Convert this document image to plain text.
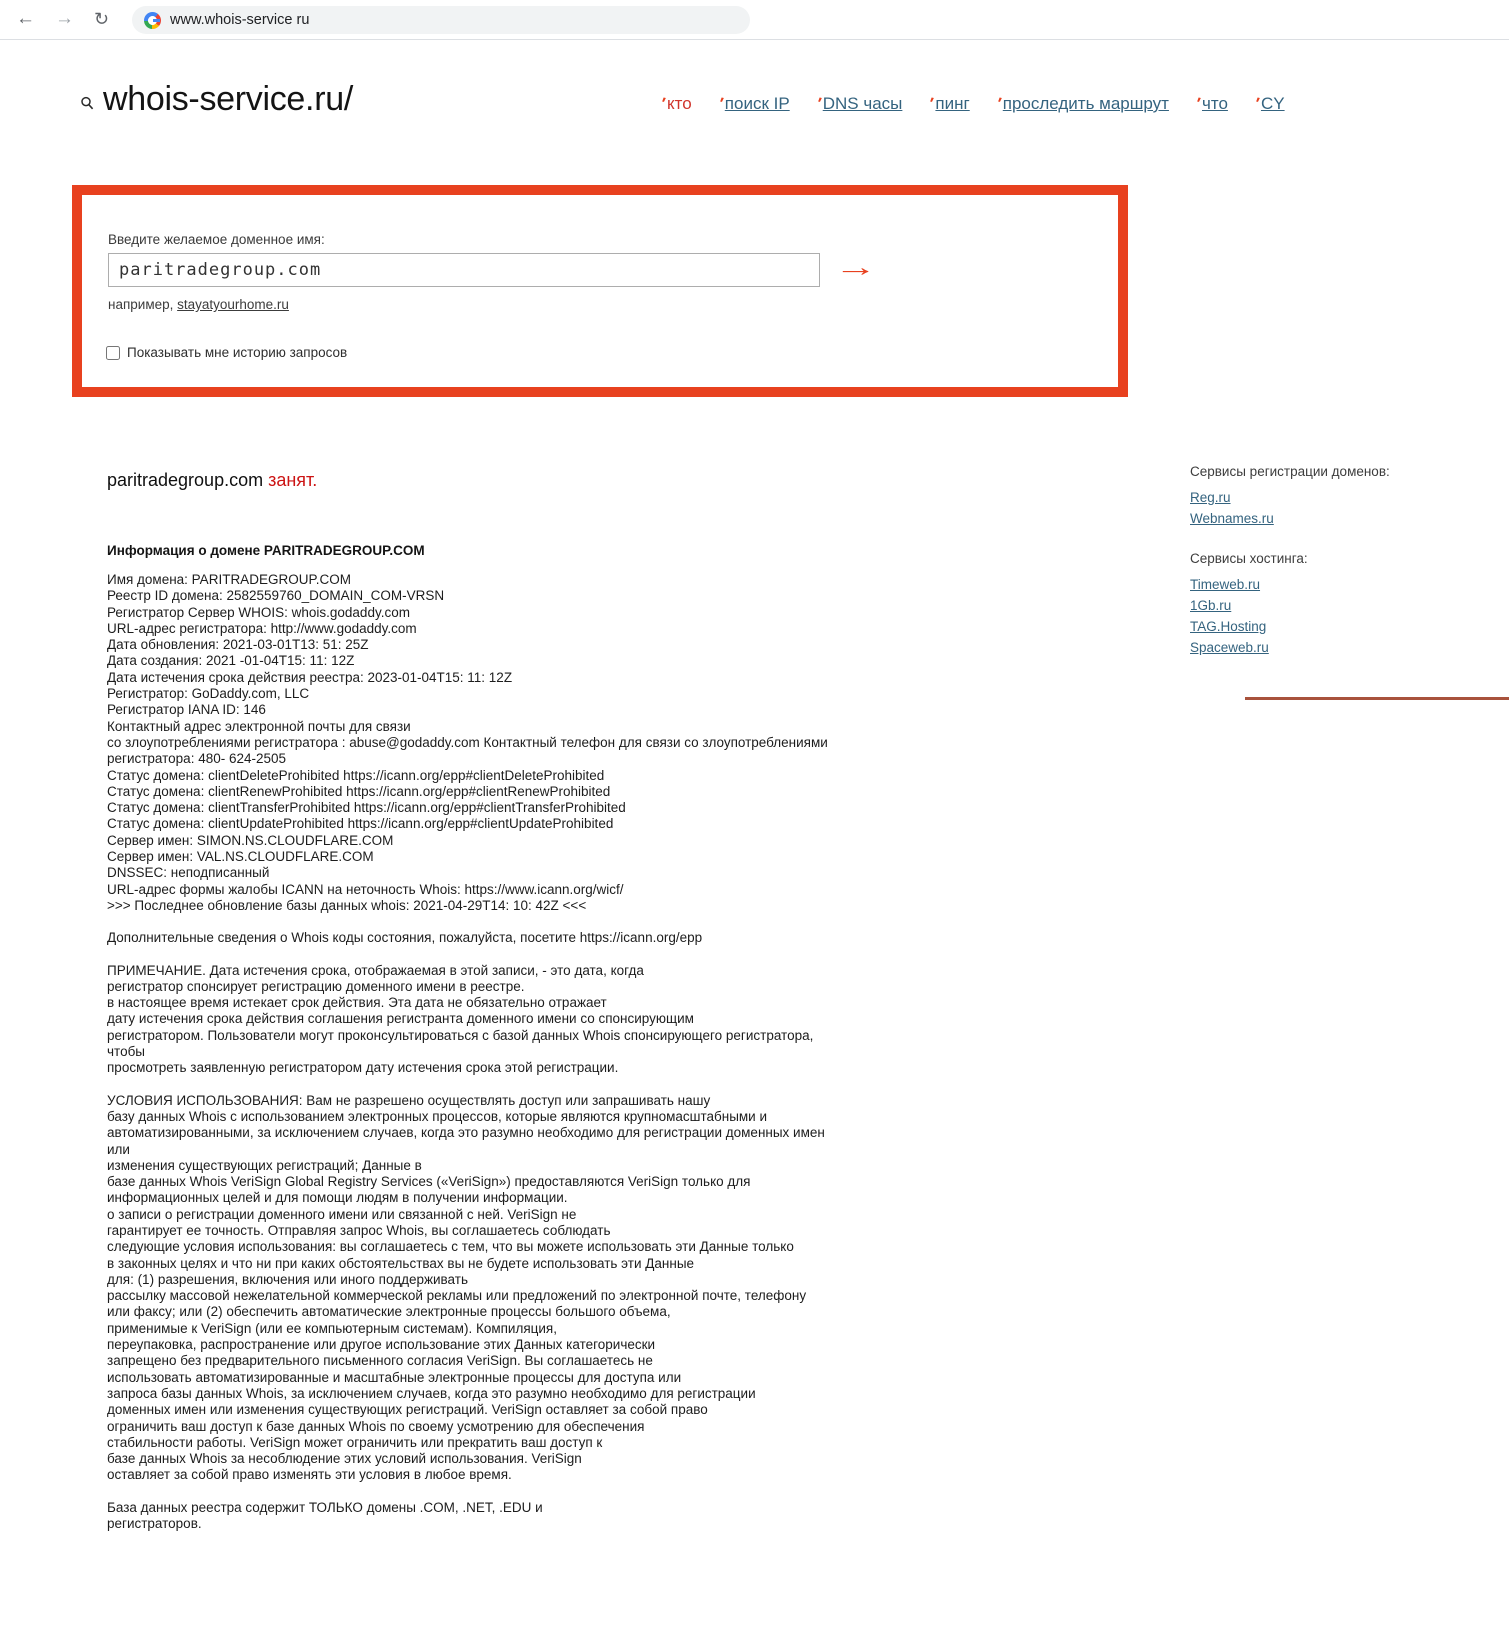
← → ↻	www.whois-service ru
whois-service.ru/	'кто 'поиск IP 'DNS часы 'пинг 'проследить маршрут 'что 'CY
Введите желаемое доменное имя:
paritradegroup.com
→
например, stayatyourhome.ru
Показывать мне историю запросов
paritradegroup.com занят.
Информация о домене PARITRADEGROUP.COM
Имя домена: PARITRADEGROUP.COM
Реестр ID домена: 2582559760_DOMAIN_COM-VRSN
Регистратор Сервер WHOIS: whois.godaddy.com
URL-адрес регистратора: http://www.godaddy.com
Дата обновления: 2021-03-01T13: 51: 25Z
Дата создания: 2021 -01-04T15: 11: 12Z
Дата истечения срока действия реестра: 2023-01-04T15: 11: 12Z
Регистратор: GoDaddy.com, LLC
Регистратор IANA ID: 146
Контактный адрес электронной почты для связи
со злоупотреблениями регистратора : abuse@godaddy.com Контактный телефон для связи со злоупотреблениями
регистратора: 480- 624-2505
Статус домена: clientDeleteProhibited https://icann.org/epp#clientDeleteProhibited
Статус домена: clientRenewProhibited https://icann.org/epp#clientRenewProhibited
Статус домена: clientTransferProhibited https://icann.org/epp#clientTransferProhibited
Статус домена: clientUpdateProhibited https://icann.org/epp#clientUpdateProhibited
Сервер имен: SIMON.NS.CLOUDFLARE.COM
Сервер имен: VAL.NS.CLOUDFLARE.COM
DNSSEC: неподписанный
URL-адрес формы жалобы ICANN на неточность Whois: https://www.icann.org/wicf/
>>> Последнее обновление базы данных whois: 2021-04-29T14: 10: 42Z <<<
Дополнительные сведения о Whois коды состояния, пожалуйста, посетите https://icann.org/epp
ПРИМЕЧАНИЕ. Дата истечения срока, отображаемая в этой записи, - это дата, когда
регистратор спонсирует регистрацию доменного имени в реестре.
в настоящее время истекает срок действия. Эта дата не обязательно отражает
дату истечения срока действия соглашения регистранта доменного имени со спонсирующим
регистратором. Пользователи могут проконсультироваться с базой данных Whois спонсирующего регистратора,
чтобы
просмотреть заявленную регистратором дату истечения срока этой регистрации.
УСЛОВИЯ ИСПОЛЬЗОВАНИЯ: Вам не разрешено осуществлять доступ или запрашивать нашу
базу данных Whois с использованием электронных процессов, которые являются крупномасштабными и
автоматизированными, за исключением случаев, когда это разумно необходимо для регистрации доменных имен
или
изменения существующих регистраций; Данные в
базе данных Whois VeriSign Global Registry Services («VeriSign») предоставляются VeriSign только для
информационных целей и для помощи людям в получении информации.
о записи о регистрации доменного имени или связанной с ней. VeriSign не
гарантирует ее точность. Отправляя запрос Whois, вы соглашаетесь соблюдать
следующие условия использования: вы соглашаетесь с тем, что вы можете использовать эти Данные только
в законных целях и что ни при каких обстоятельствах вы не будете использовать эти Данные
для: (1) разрешения, включения или иного поддерживать
рассылку массовой нежелательной коммерческой рекламы или предложений по электронной почте, телефону
или факсу; или (2) обеспечить автоматические электронные процессы большого объема,
применимые к VeriSign (или ее компьютерным системам). Компиляция,
переупаковка, распространение или другое использование этих Данных категорически
запрещено без предварительного письменного согласия VeriSign. Вы соглашаетесь не
использовать автоматизированные и масштабные электронные процессы для доступа или
запроса базы данных Whois, за исключением случаев, когда это разумно необходимо для регистрации
доменных имен или изменения существующих регистраций. VeriSign оставляет за собой право
ограничить ваш доступ к базе данных Whois по своему усмотрению для обеспечения
стабильности работы. VeriSign может ограничить или прекратить ваш доступ к
базе данных Whois за несоблюдение этих условий использования. VeriSign
оставляет за собой право изменять эти условия в любое время.
База данных реестра содержит ТОЛЬКО домены .COM, .NET, .EDU и
регистраторов.
Сервисы регистрации доменов:
Reg.ru
Webnames.ru
Сервисы хостинга:
Timeweb.ru
1Gb.ru
TAG.Hosting
Spaceweb.ru
